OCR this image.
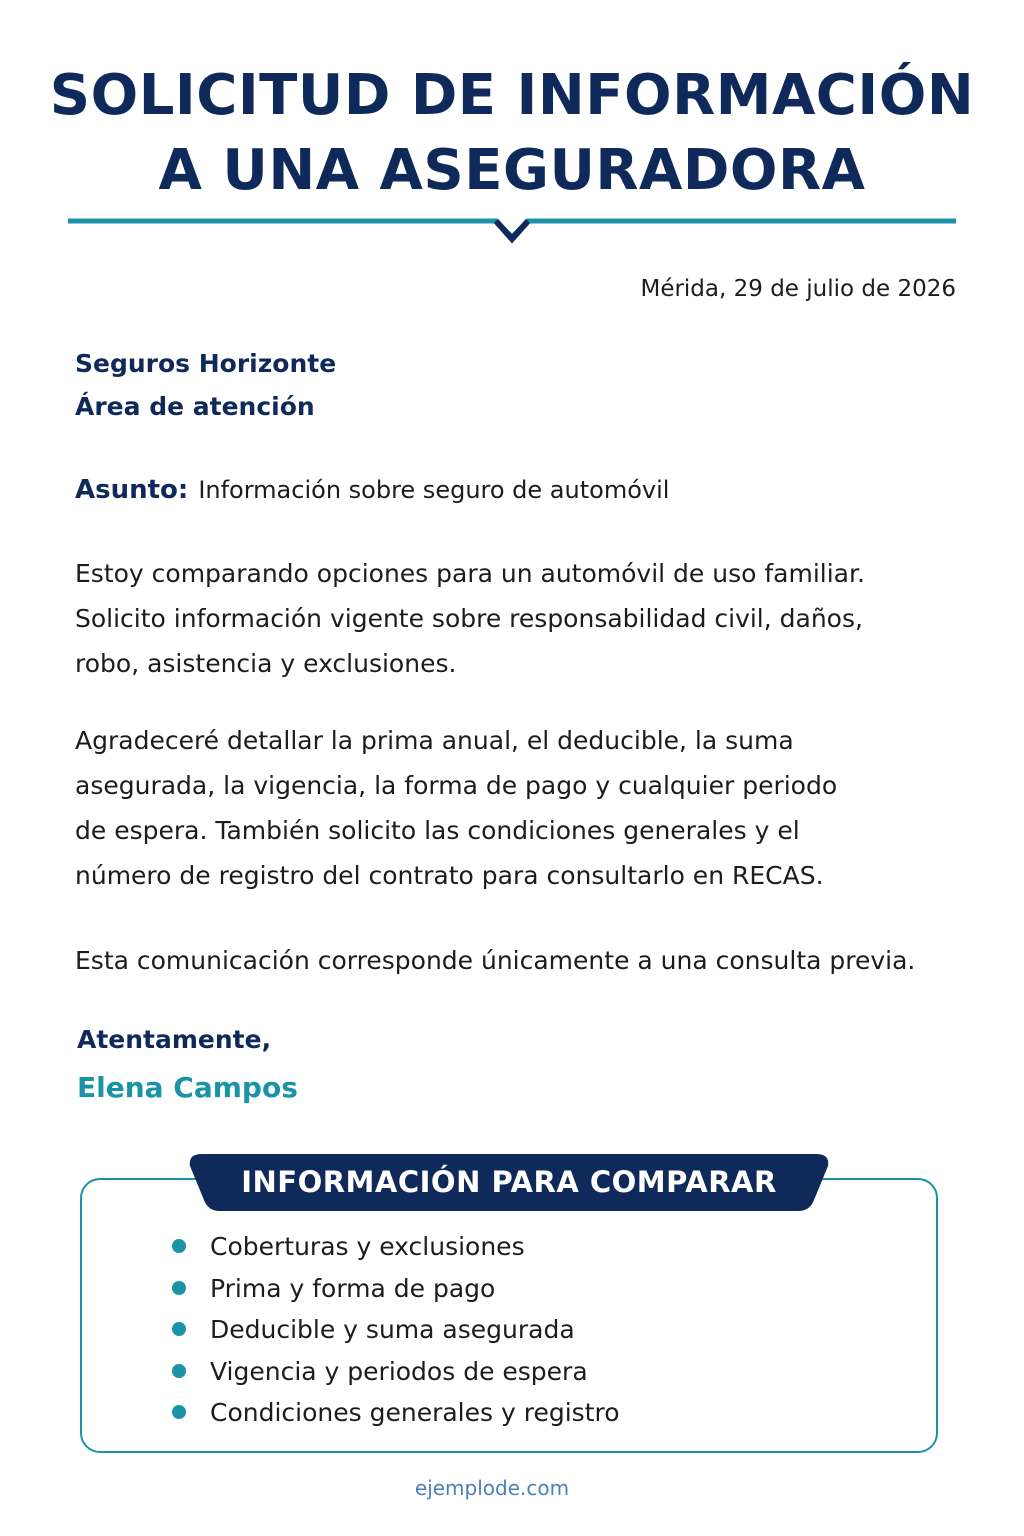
SOLICITUD DE INFORMACIÓN
A UNA ASEGURADORA
Mérida, 29 de julio de 2026
Seguros Horizonte
Área de atención
Asunto: Información sobre seguro de automóvil

Estoy comparando opciones para un automóvil de uso familiar.
Solicito información vigente sobre responsabilidad civil, daños,
robo, asistencia y exclusiones.

Agradeceré detallar la prima anual, el deducible, la suma
asegurada, la vigencia, la forma de pago y cualquier periodo
de espera. También solicito las condiciones generales y el
número de registro del contrato para consultarlo en RECAS.

Esta comunicación corresponde únicamente a una consulta previa.

Atentamente,
Elena Campos
INFORMACIÓN PARA COMPARAR
Coberturas y exclusiones
Prima y forma de pago
Deducible y suma asegurada
Vigencia y periodos de espera
Condiciones generales y registro
ejemplode.com
